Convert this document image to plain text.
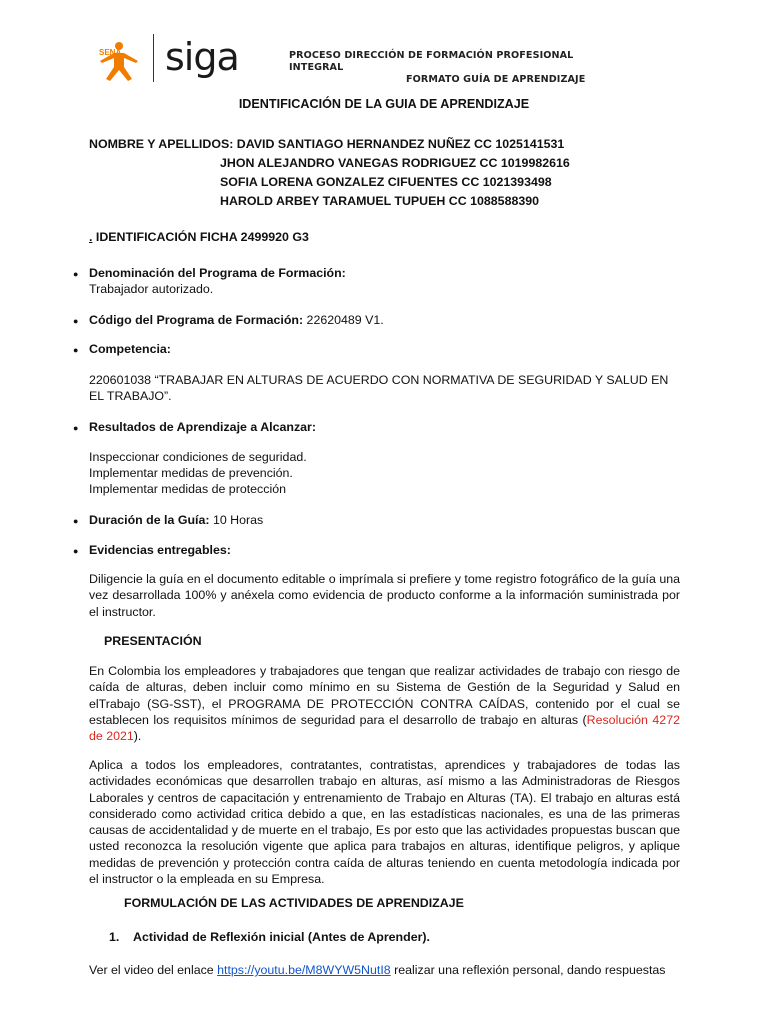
SENA siga	PROCESO DIRECCIÓN DE FORMACIÓN PROFESIONAL
INTEGRAL
FORMATO GUÍA DE APRENDIZAJE
IDENTIFICACIÓN DE LA GUIA DE APRENDIZAJE
NOMBRE Y APELLIDOS: DAVID SANTIAGO HERNANDEZ NUÑEZ CC 1025141531
JHON ALEJANDRO VANEGAS RODRIGUEZ CC 1019982616
SOFIA LORENA GONZALEZ CIFUENTES CC 1021393498
HAROLD ARBEY TARAMUEL TUPUEH CC 1088588390
. IDENTIFICACIÓN FICHA 2499920 G3
● Denominación del Programa de Formación:
Trabajador autorizado.
● Código del Programa de Formación: 22620489 V1.
● Competencia:
220601038 “TRABAJAR EN ALTURAS DE ACUERDO CON NORMATIVA DE SEGURIDAD Y SALUD EN EL TRABAJO”.
● Resultados de Aprendizaje a Alcanzar:
Inspeccionar condiciones de seguridad.
Implementar medidas de prevención.
Implementar medidas de protección
● Duración de la Guía: 10 Horas
● Evidencias entregables:
Diligencie la guía en el documento editable o imprímala si prefiere y tome registro fotográfico de la guía una vez desarrollada 100% y anéxela como evidencia de producto conforme a la información suministrada por el instructor.
PRESENTACIÓN
En Colombia los empleadores y trabajadores que tengan que realizar actividades de trabajo con riesgo de caída de alturas, deben incluir como mínimo en su Sistema de Gestión de la Seguridad y Salud en elTrabajo (SG-SST), el PROGRAMA DE PROTECCIÓN CONTRA CAÍDAS, contenido por el cual se establecen los requisitos mínimos de seguridad para el desarrollo de trabajo en alturas (Resolución 4272 de 2021).
Aplica a todos los empleadores, contratantes, contratistas, aprendices y trabajadores de todas las actividades económicas que desarrollen trabajo en alturas, así mismo a las Administradoras de Riesgos Laborales y centros de capacitación y entrenamiento de Trabajo en Alturas (TA). El trabajo en alturas está considerado como actividad critica debido a que, en las estadísticas nacionales, es una de las primeras causas de accidentalidad y de muerte en el trabajo, Es por esto que las actividades propuestas buscan que usted reconozca la resolución vigente que aplica para trabajos en alturas, identifique peligros, y aplique medidas de prevención y protección contra caída de alturas teniendo en cuenta metodología indicada por el instructor o la empleada en su Empresa.
FORMULACIÓN DE LAS ACTIVIDADES DE APRENDIZAJE
1. Actividad de Reflexión inicial (Antes de Aprender).
Ver el video del enlace https://youtu.be/M8WYW5NutI8 realizar una reflexión personal, dando respuestas
